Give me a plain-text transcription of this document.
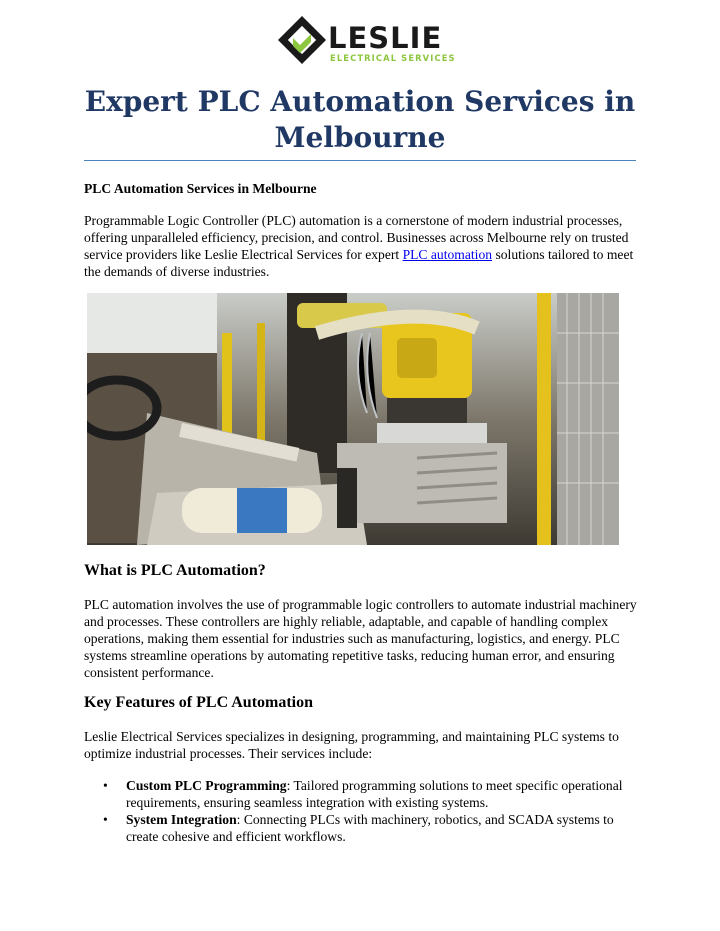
LESLIE
ELECTRICAL SERVICES
Expert PLC Automation Services in Melbourne

PLC Automation Services in Melbourne

Programmable Logic Controller (PLC) automation is a cornerstone of modern industrial processes, offering unparalleled efficiency, precision, and control. Businesses across Melbourne rely on trusted service providers like Leslie Electrical Services for expert PLC automation solutions tailored to meet the demands of diverse industries.

What is PLC Automation?

PLC automation involves the use of programmable logic controllers to automate industrial machinery and processes. These controllers are highly reliable, adaptable, and capable of handling complex operations, making them essential for industries such as manufacturing, logistics, and energy. PLC systems streamline operations by automating repetitive tasks, reducing human error, and ensuring consistent performance.

Key Features of PLC Automation

Leslie Electrical Services specializes in designing, programming, and maintaining PLC systems to optimize industrial processes. Their services include:

• Custom PLC Programming: Tailored programming solutions to meet specific operational requirements, ensuring seamless integration with existing systems.
• System Integration: Connecting PLCs with machinery, robotics, and SCADA systems to create cohesive and efficient workflows.
